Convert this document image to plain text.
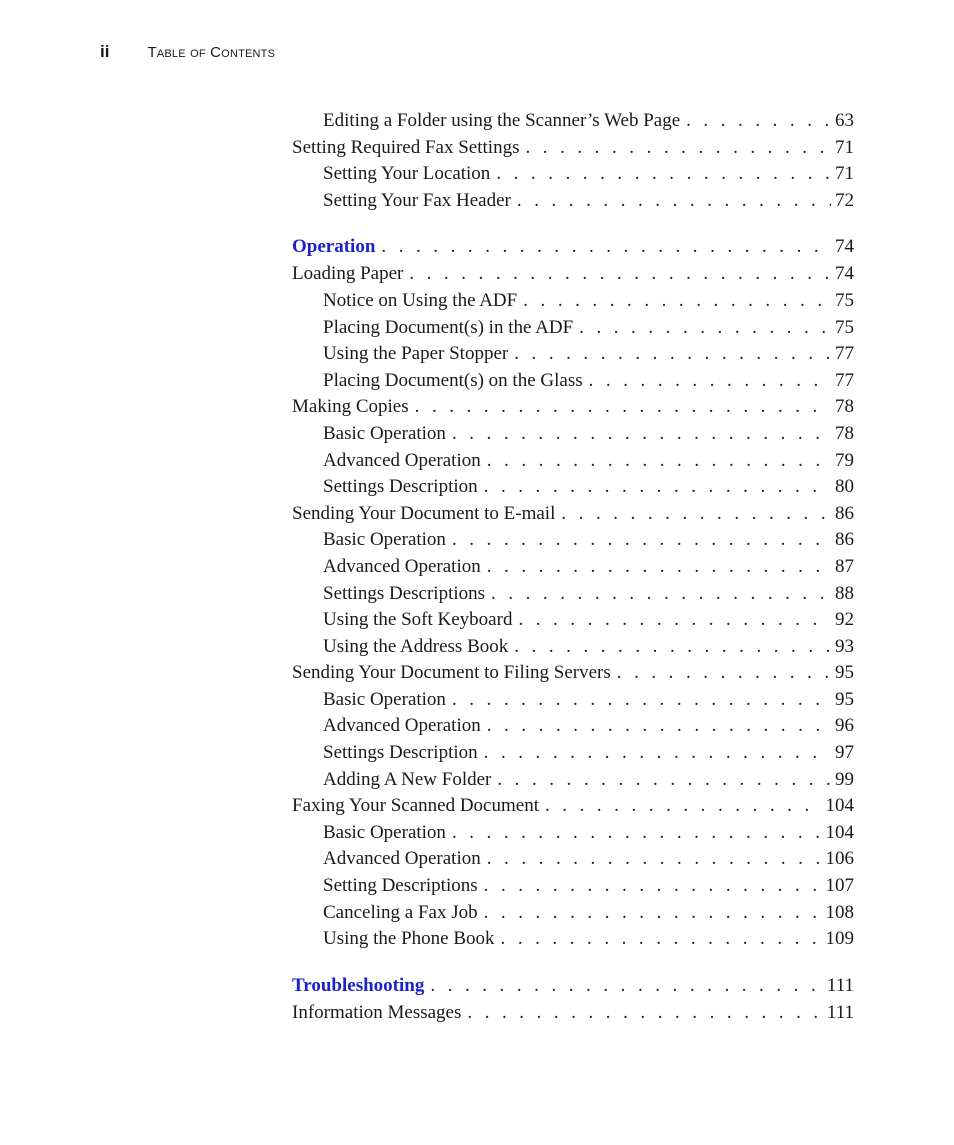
ii	Table of Contents
Editing a Folder using the Scanner’s Web Page . . .	63
Setting Required Fax Settings . . .	71
Setting Your Location . . .	71
Setting Your Fax Header . . .	72
Operation . . .	74
Loading Paper . . .	74
Notice on Using the ADF . . .	75
Placing Document(s) in the ADF . . .	75
Using the Paper Stopper . . .	77
Placing Document(s) on the Glass . . .	77
Making Copies . . .	78
Basic Operation . . .	78
Advanced Operation . . .	79
Settings Description . . .	80
Sending Your Document to E-mail . . .	86
Basic Operation . . .	86
Advanced Operation . . .	87
Settings Descriptions . . .	88
Using the Soft Keyboard . . .	92
Using the Address Book . . .	93
Sending Your Document to Filing Servers . . .	95
Basic Operation . . .	95
Advanced Operation . . .	96
Settings Description . . .	97
Adding A New Folder . . .	99
Faxing Your Scanned Document . . .	104
Basic Operation . . .	104
Advanced Operation . . .	106
Setting Descriptions . . .	107
Canceling a Fax Job . . .	108
Using the Phone Book . . .	109
Troubleshooting . . .	111
Information Messages . . .	111
